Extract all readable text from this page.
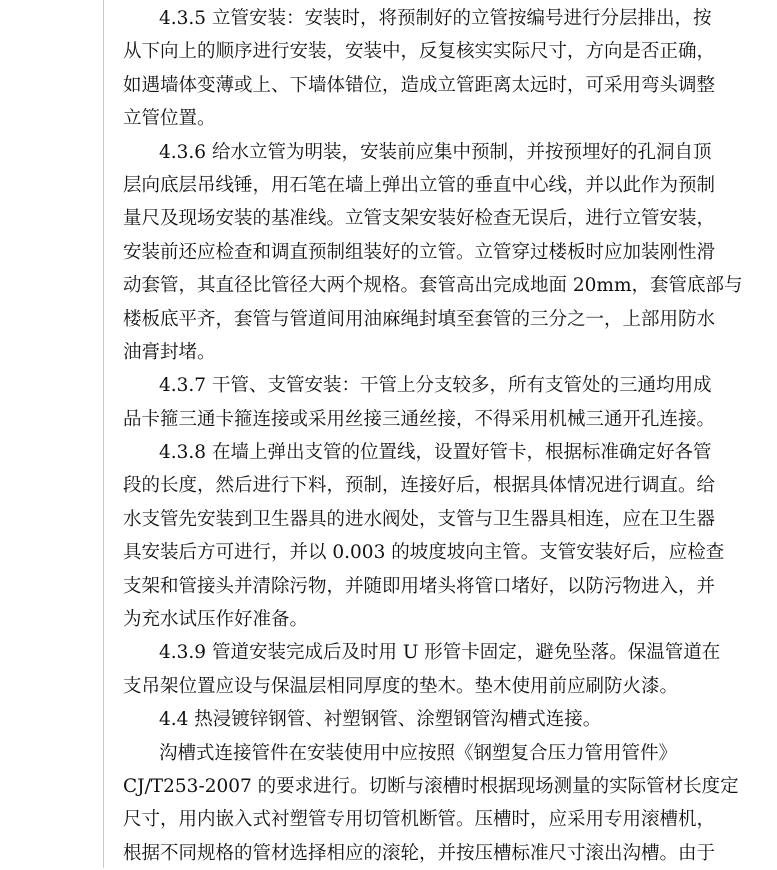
4.3.5 立管安装：安装时，将预制好的立管按编号进行分层排出，按
从下向上的顺序进行安装，安装中，反复核实实际尺寸，方向是否正确，
如遇墙体变薄或上、下墙体错位，造成立管距离太远时，可采用弯头调整
立管位置。
4.3.6 给水立管为明装，安装前应集中预制，并按预埋好的孔洞自顶
层向底层吊线锤，用石笔在墙上弹出立管的垂直中心线，并以此作为预制
量尺及现场安装的基准线。立管支架安装好检查无误后，进行立管安装，
安装前还应检查和调直预制组装好的立管。立管穿过楼板时应加装刚性滑
动套管，其直径比管径大两个规格。套管高出完成地面 20mm，套管底部与
楼板底平齐，套管与管道间用油麻绳封填至套管的三分之一，上部用防水
油膏封堵。
4.3.7 干管、支管安装：干管上分支较多，所有支管处的三通均用成
品卡箍三通卡箍连接或采用丝接三通丝接，不得采用机械三通开孔连接。
4.3.8 在墙上弹出支管的位置线，设置好管卡，根据标准确定好各管
段的长度，然后进行下料，预制，连接好后，根据具体情况进行调直。给
水支管先安装到卫生器具的进水阀处，支管与卫生器具相连，应在卫生器
具安装后方可进行，并以 0.003 的坡度坡向主管。支管安装好后，应检查
支架和管接头并清除污物，并随即用堵头将管口堵好，以防污物进入，并
为充水试压作好准备。
4.3.9 管道安装完成后及时用 U 形管卡固定，避免坠落。保温管道在
支吊架位置应设与保温层相同厚度的垫木。垫木使用前应刷防火漆。
4.4 热浸镀锌钢管、衬塑钢管、涂塑钢管沟槽式连接。
沟槽式连接管件在安装使用中应按照《钢塑复合压力管用管件》
CJ/T253-2007 的要求进行。切断与滚槽时根据现场测量的实际管材长度定
尺寸，用内嵌入式衬塑管专用切管机断管。压槽时，应采用专用滚槽机，
根据不同规格的管材选择相应的滚轮，并按压槽标准尺寸滚出沟槽。由于
